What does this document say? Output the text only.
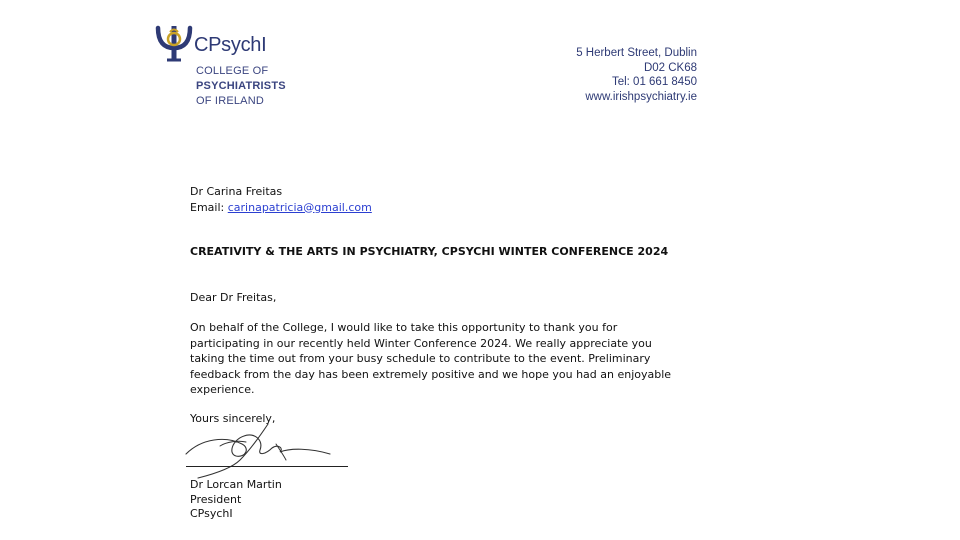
CPsychI
COLLEGE OF
PSYCHIATRISTS
OF IRELAND
5 Herbert Street, Dublin
D02 CK68
Tel: 01 661 8450
www.irishpsychiatry.ie
Dr Carina Freitas
Email: carinapatricia@gmail.com
CREATIVITY & THE ARTS IN PSYCHIATRY, CPSYCHI WINTER CONFERENCE 2024
Dear Dr Freitas,
On behalf of the College, I would like to take this opportunity to thank you for participating in our recently held Winter Conference 2024. We really appreciate you taking the time out from your busy schedule to contribute to the event. Preliminary feedback from the day has been extremely positive and we hope you had an enjoyable experience.
Yours sincerely,
Dr Lorcan Martin
President
CPsychI
